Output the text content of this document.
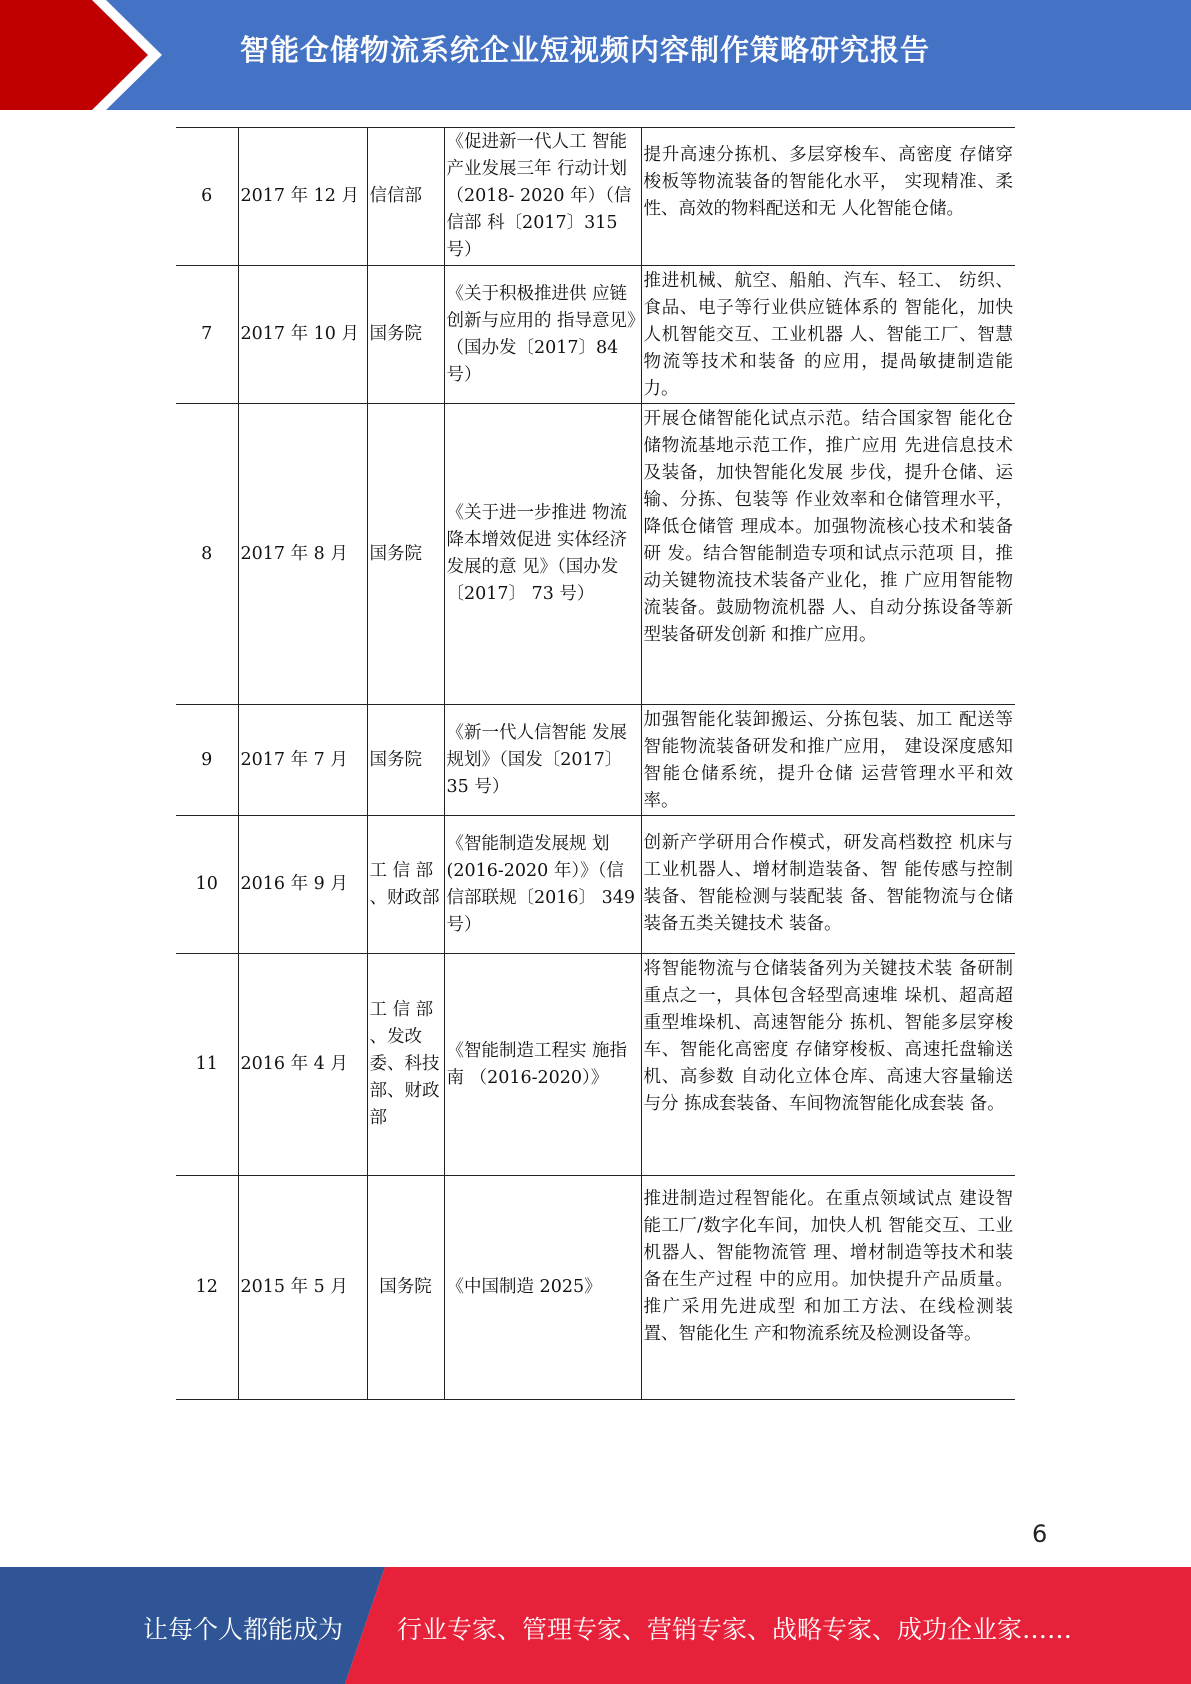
智能仓储物流系统企业短视频内容制作策略研究报告
6	2017 年 12 月	信信部	《促进新一代人工 智能产业发展三年 行动计划（2018- 2020 年）（信信部 科〔2017〕315 号）	提升高速分拣机、多层穿梭车、高密度 存储穿梭板等物流装备的智能化水平， 实现精准、柔性、高效的物料配送和无 人化智能仓储。
7	2017 年 10 月	国务院	《关于积极推进供 应链创新与应用的 指导意见》（国办发〔2017〕84 号）	推进机械、航空、船舶、汽车、轻工、 纺织、食品、电子等行业供应链体系的 智能化，加快人机智能交互、工业机器 人、智能工厂、智慧物流等技术和装备 的应用，提咼敏捷制造能力。
8	2017 年 8 月	国务院	《关于进一步推进 物流降本增效促进 实体经济发展的意 见》（国办发〔2017〕 73 号）	开展仓储智能化试点示范。结合国家智 能化仓储物流基地示范工作，推广应用 先进信息技术及装备，加快智能化发展 步伐，提升仓储、运输、分拣、包装等 作业效率和仓储管理水平，降低仓储管 理成本。加强物流核心技术和装备研 发。结合智能制造专项和试点示范项 目，推动关键物流技术装备产业化，推 广应用智能物流装备。鼓励物流机器 人、自动分拣设备等新型装备研发创新 和推广应用。
9	2017 年 7 月	国务院	《新一代人信智能 发展规划》（国发〔2017〕 35 号）	加强智能化装卸搬运、分拣包装、加工 配送等智能物流装备研发和推广应用， 建设深度感知智能仓储系统，提升仓储 运营管理水平和效率。
10	2016 年 9 月	工 信 部 、财政部	《智能制造发展规 划 (2016-2020 年）》（信信部联规〔2016〕 349 号）	创新产学研用合作模式，研发高档数控 机床与工业机器人、增材制造装备、智 能传感与控制装备、智能检测与装配装 备、智能物流与仓储装备五类关键技术 装备。
11	2016 年 4 月	工 信 部 、发改委、科技部、财政部	《智能制造工程实 施指南 （2016-2020）》	将智能物流与仓储装备列为关键技术装 备研制重点之一，具体包含轻型高速堆 垛机、超高超重型堆垛机、高速智能分 拣机、智能多层穿梭车、智能化高密度 存储穿梭板、高速托盘输送机、高参数 自动化立体仓库、高速大容量输送与分 拣成套装备、车间物流智能化成套装 备。
12	2015 年 5 月	国务院	《中国制造 2025》	推进制造过程智能化。在重点领域试点 建设智能工厂/数字化车间，加快人机 智能交互、工业机器人、智能物流管 理、增材制造等技术和装备在生产过程 中的应用。加快提升产品质量。推广采用先进成型 和加工方法、在线检测装置、智能化生 产和物流系统及检测设备等。
6
让每个人都能成为 行业专家、管理专家、营销专家、战略专家、成功企业家……
